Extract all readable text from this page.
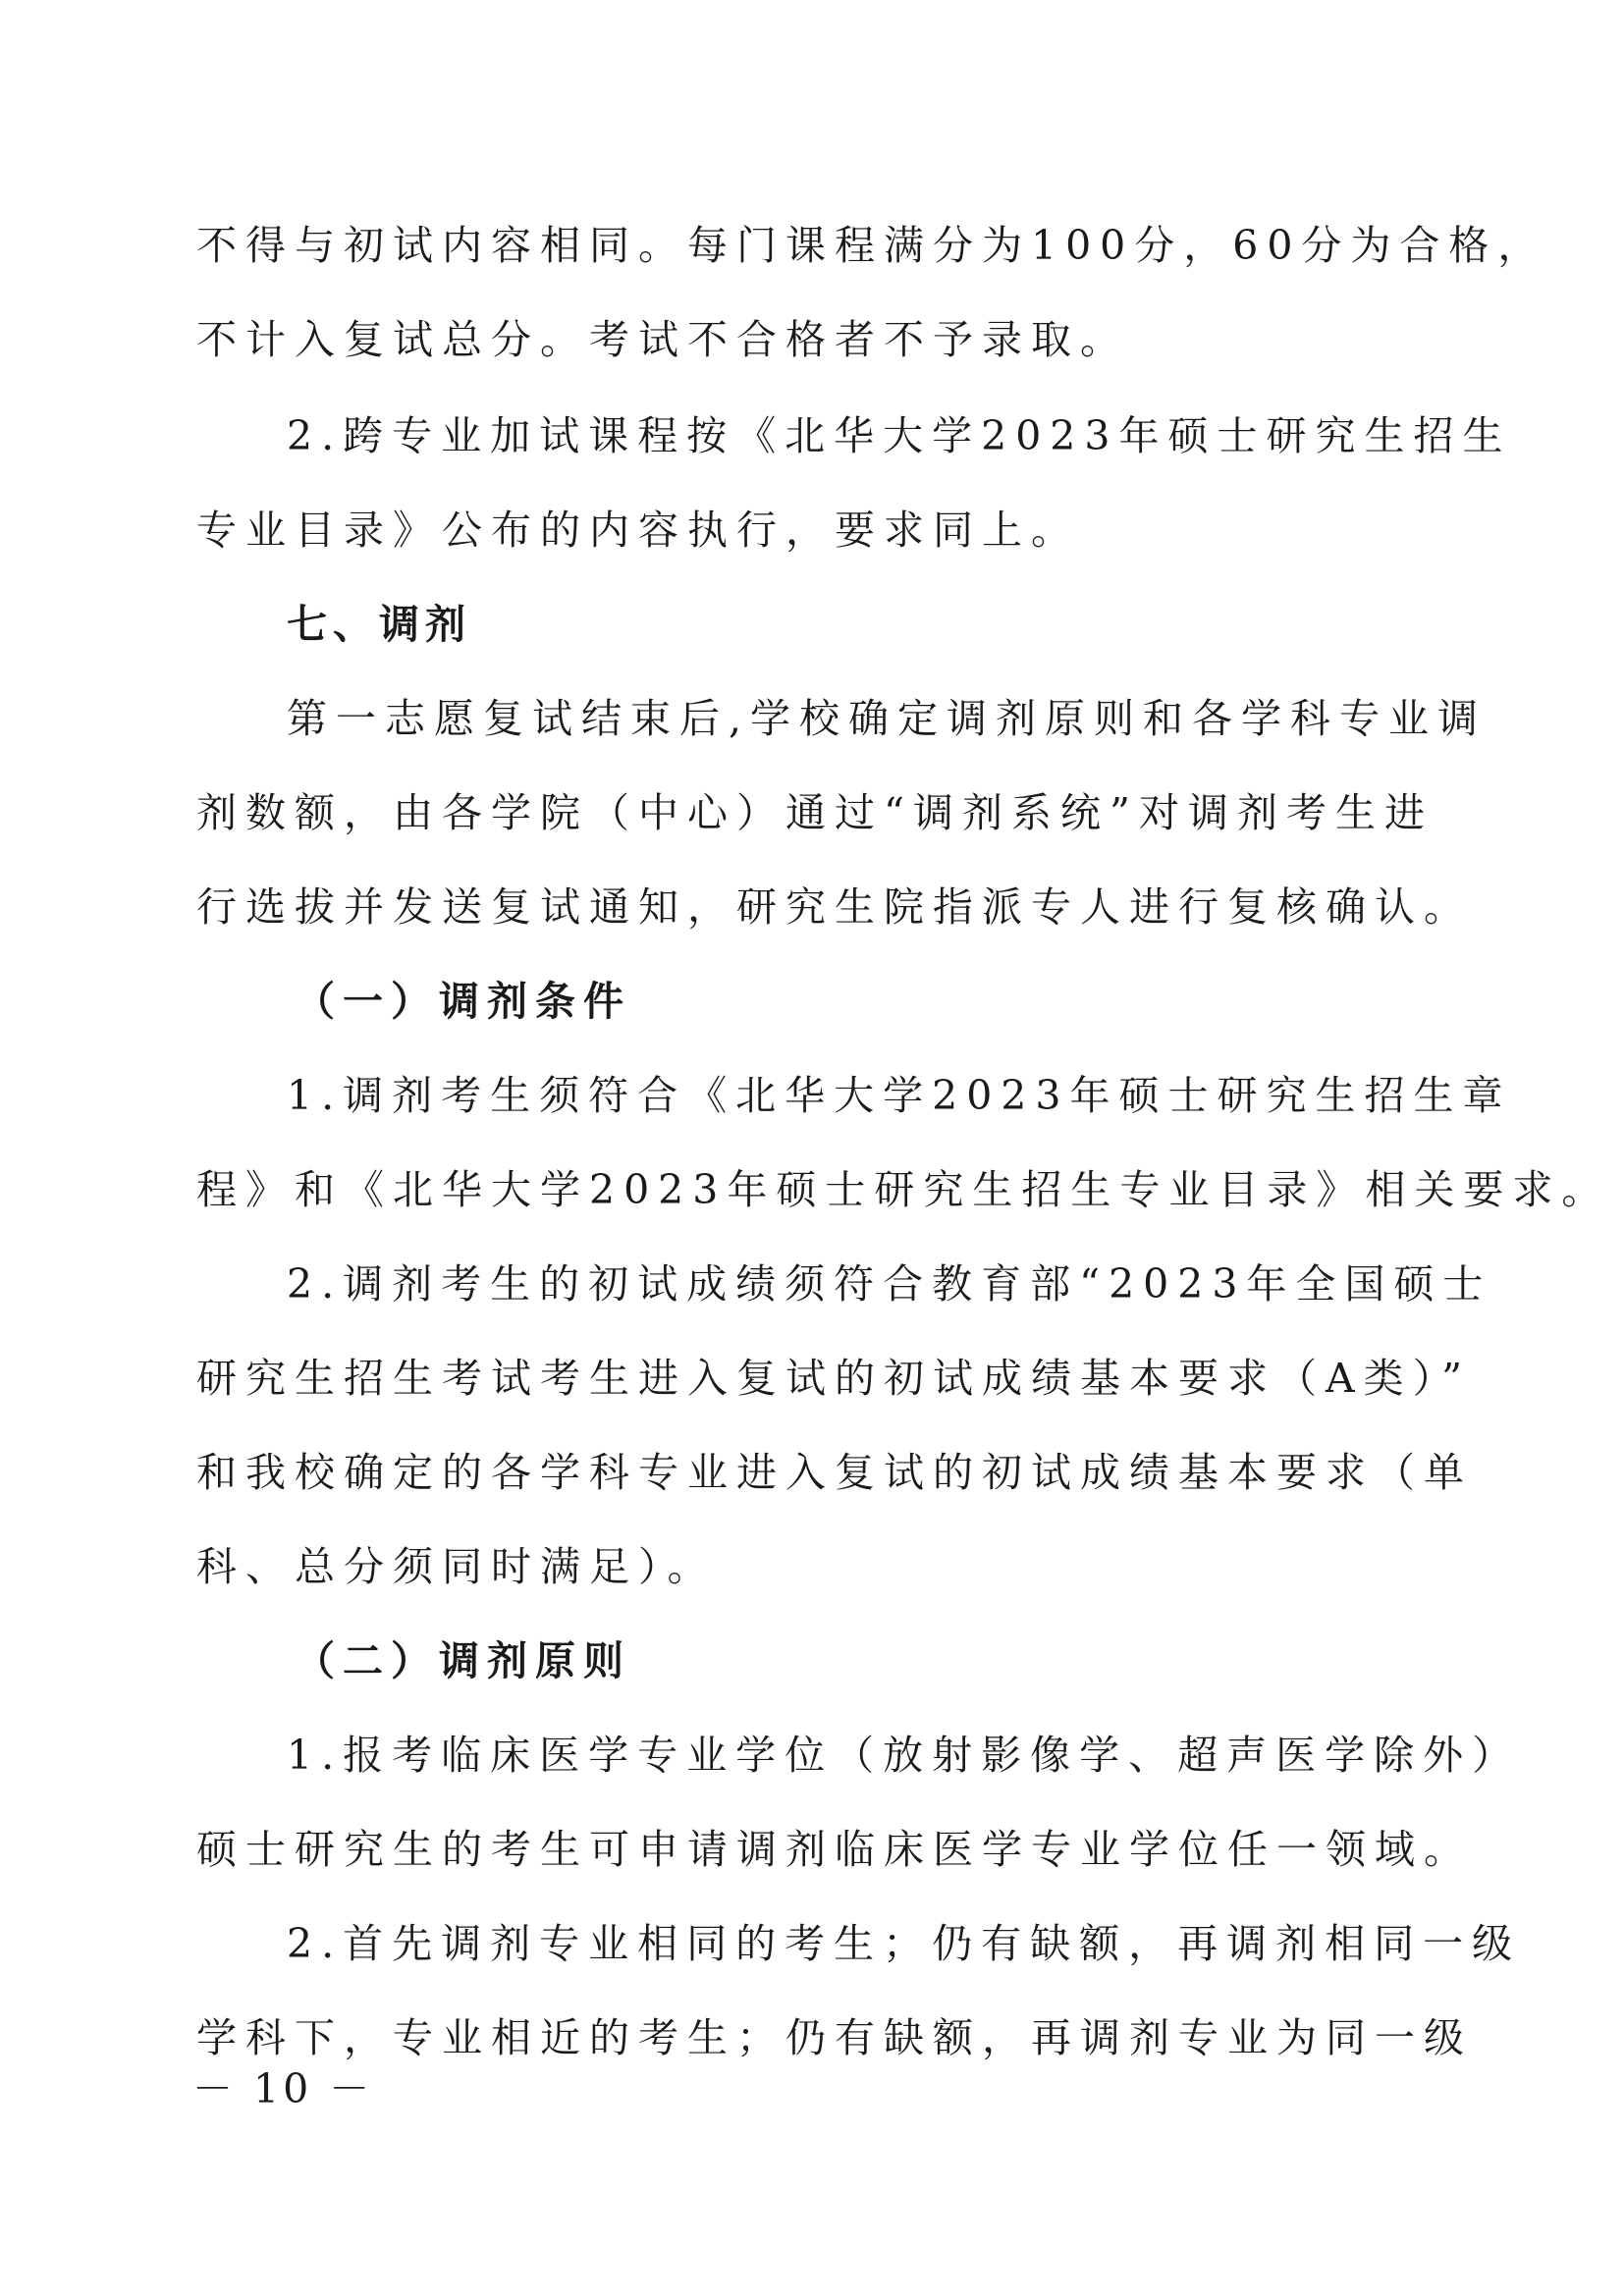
不得与初试内容相同。每门课程满分为100分，60分为合格，
不计入复试总分。考试不合格者不予录取。
2.跨专业加试课程按《北华大学2023年硕士研究生招生
专业目录》公布的内容执行，要求同上。
七、调剂
第一志愿复试结束后,学校确定调剂原则和各学科专业调
剂数额，由各学院（中心）通过“调剂系统”对调剂考生进
行选拔并发送复试通知，研究生院指派专人进行复核确认。
（一）调剂条件
1.调剂考生须符合《北华大学2023年硕士研究生招生章
程》和《北华大学2023年硕士研究生招生专业目录》相关要求。
2.调剂考生的初试成绩须符合教育部“2023年全国硕士
研究生招生考试考生进入复试的初试成绩基本要求（A类）”
和我校确定的各学科专业进入复试的初试成绩基本要求（单
科、总分须同时满足）。
（二）调剂原则
1.报考临床医学专业学位（放射影像学、超声医学除外）
硕士研究生的考生可申请调剂临床医学专业学位任一领域。
2.首先调剂专业相同的考生；仍有缺额，再调剂相同一级
学科下，专业相近的考生；仍有缺额，再调剂专业为同一级
－ 10 －
